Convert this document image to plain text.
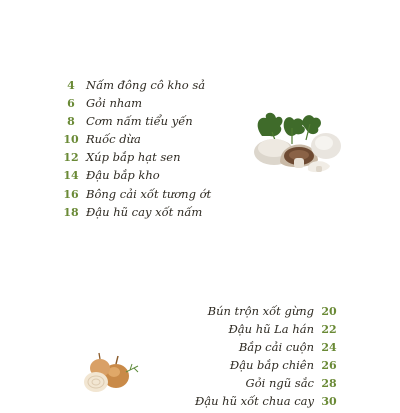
4 Nấm đông cô kho sả
6 Gỏi nham
8 Cơm nấm tiểu yến
10 Ruốc dừa
12 Xúp bắp hạt sen
14 Đậu bắp kho
16 Bông cải xốt tương ớt
18 Đậu hũ cay xốt nấm
Bún trộn xốt gừng 20
Đậu hũ La hán 22
Bắp cải cuộn 24
Đậu bắp chiên 26
Gỏi ngũ sắc 28
Đậu hũ xốt chua cay 30
